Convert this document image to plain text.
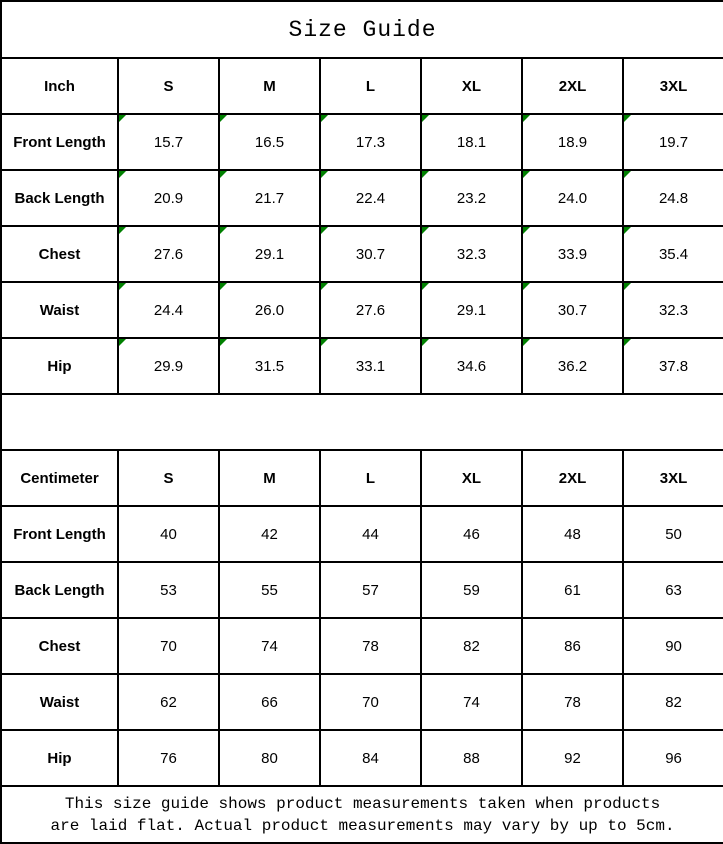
Size Guide						
Inch	S	M	L	XL	2XL	3XL
Front Length	15.7	16.5	17.3	18.1	18.9	19.7
Back Length	20.9	21.7	22.4	23.2	24.0	24.8
Chest	27.6	29.1	30.7	32.3	33.9	35.4
Waist	24.4	26.0	27.6	29.1	30.7	32.3
Hip	29.9	31.5	33.1	34.6	36.2	37.8

Centimeter	S	M	L	XL	2XL	3XL
Front Length	40	42	44	46	48	50
Back Length	53	55	57	59	61	63
Chest	70	74	78	82	86	90
Waist	62	66	70	74	78	82
Hip	76	80	84	88	92	96

This size guide shows product measurements taken when products
are laid flat. Actual product measurements may vary by up to 5cm.						
